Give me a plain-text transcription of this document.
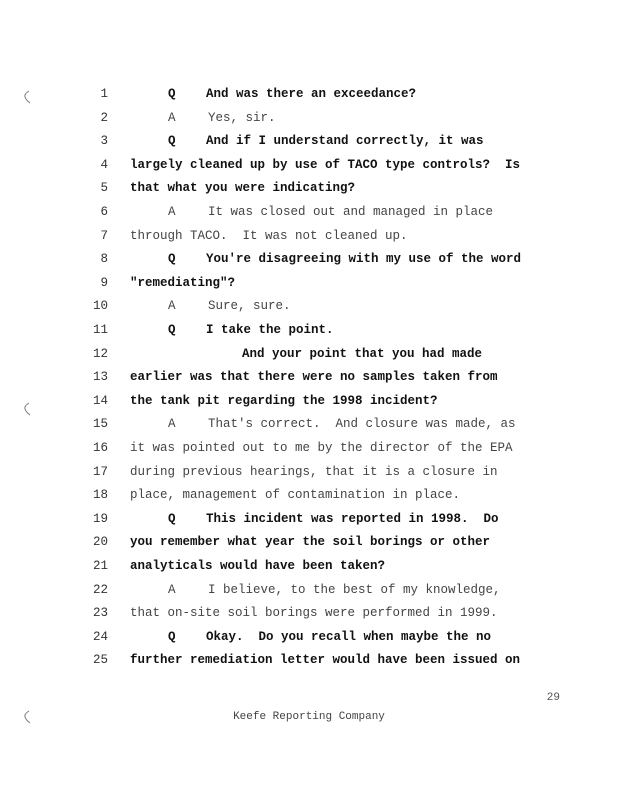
1	Q And was there an exceedance?
2	A	Yes, sir.
3	Q And if I understand correctly, it was
4 largely cleaned up by use of TACO type controls?  Is
5 that what you were indicating?
6	A	It was closed out and managed in place
7 through TACO.  It was not cleaned up.
8	Q You're disagreeing with my use of the word
9 "remediating"?
10	A	Sure, sure.
11	Q I take the point.
12	And your point that you had made
13 earlier was that there were no samples taken from
14 the tank pit regarding the 1998 incident?
15	A	That's correct.  And closure was made, as
16 it was pointed out to me by the director of the EPA
17 during previous hearings, that it is a closure in
18 place, management of contamination in place.
19	Q This incident was reported in 1998.  Do
20 you remember what year the soil borings or other
21 analyticals would have been taken?
22	A	I believe, to the best of my knowledge,
23 that on-site soil borings were performed in 1999.
24	Q Okay.  Do you recall when maybe the no
25 further remediation letter would have been issued on
29
Keefe Reporting Company
